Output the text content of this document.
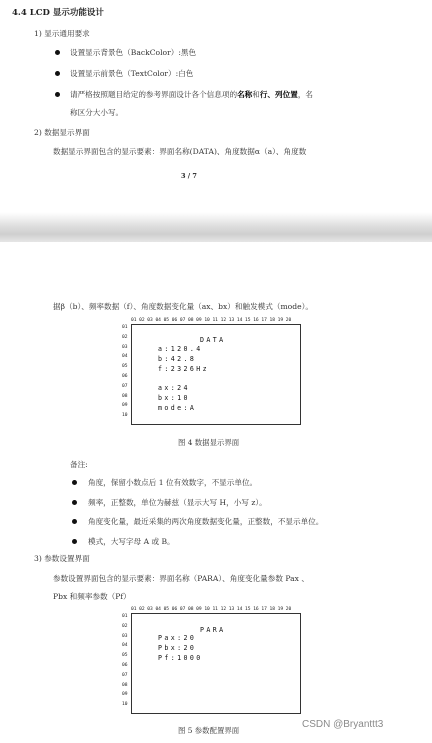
4.4 LCD 显示功能设计
1) 显示通用要求
设置显示背景色（BackColor）:黑色
设置显示前景色（TextColor）:白色
请严格按照题目给定的参考界面设计各个信息项的名称和行、列位置，名
称区分大小写。
2) 数据显示界面
数据显示界面包含的显示要素：界面名称(DATA)、角度数据α（a）、角度数
3 / 7
据β（b）、频率数据（f）、角度数据变化量（ax、bx）和触发模式（mode）。
01 02 03 04 05 06 07 08 09 10 11 12 13 14 15 16 17 18 19 20
01
02
03
04
05
06
07
08
09
10
DATA
a:120.4
b:42.8
f:2326Hz
ax:24
bx:10
mode:A
图 4 数据显示界面
备注:
角度，保留小数点后 1 位有效数字，不显示单位。
频率，正整数，单位为赫兹（显示大写 H，小写 z）。
角度变化量，最近采集的两次角度数据变化量，正整数，不显示单位。
模式，大写字母 A 或 B。
3) 参数设置界面
参数设置界面包含的显示要素：界面名称（PARA）、角度变化量参数 Pax 、
Pbx 和频率参数（Pf）
01 02 03 04 05 06 07 08 09 10 11 12 13 14 15 16 17 18 19 20
01
02
03
04
05
06
07
08
09
10
PARA
Pax:20
Pbx:20
Pf:1000
图 5 参数配置界面
CSDN @Bryanttt3
